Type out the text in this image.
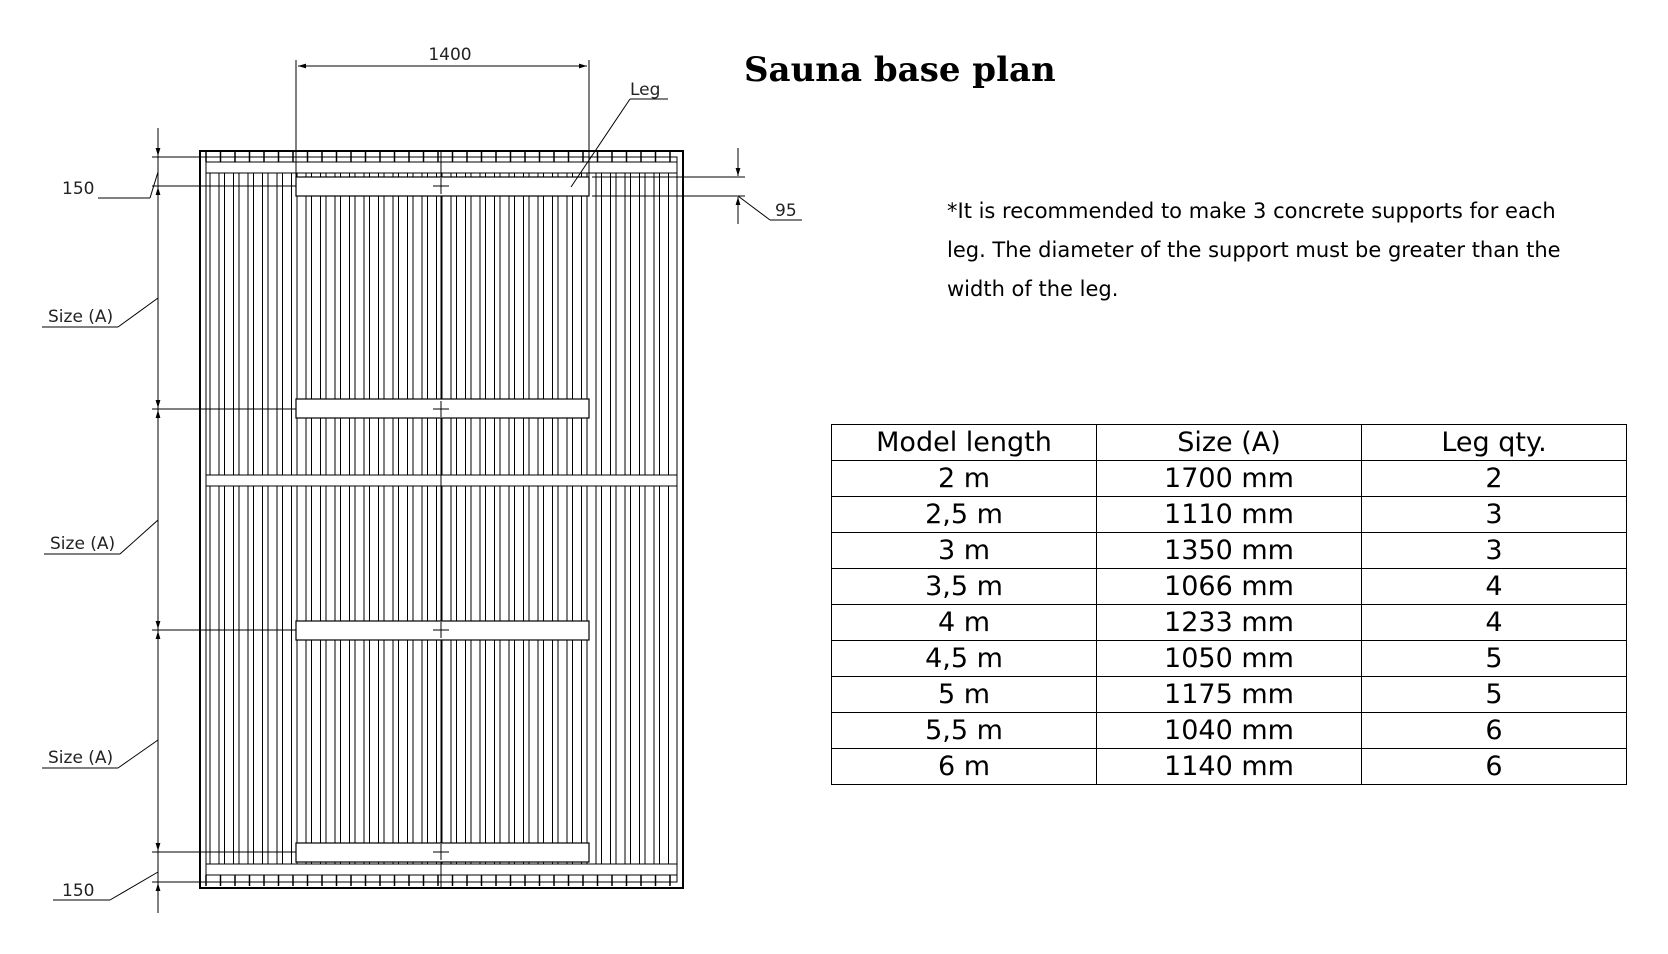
1400
Leg
95
150
Size (A)
Size (A)
Size (A)
150
Sauna base plan

*It is recommended to make 3 concrete supports for each leg. The diameter of the support must be greater than the width of the leg.

Model length	Size (A)	Leg qty.
2 m	1700 mm	2
2,5 m	1110 mm	3
3 m	1350 mm	3
3,5 m	1066 mm	4
4 m	1233 mm	4
4,5 m	1050 mm	5
5 m	1175 mm	5
5,5 m	1040 mm	6
6 m	1140 mm	6
